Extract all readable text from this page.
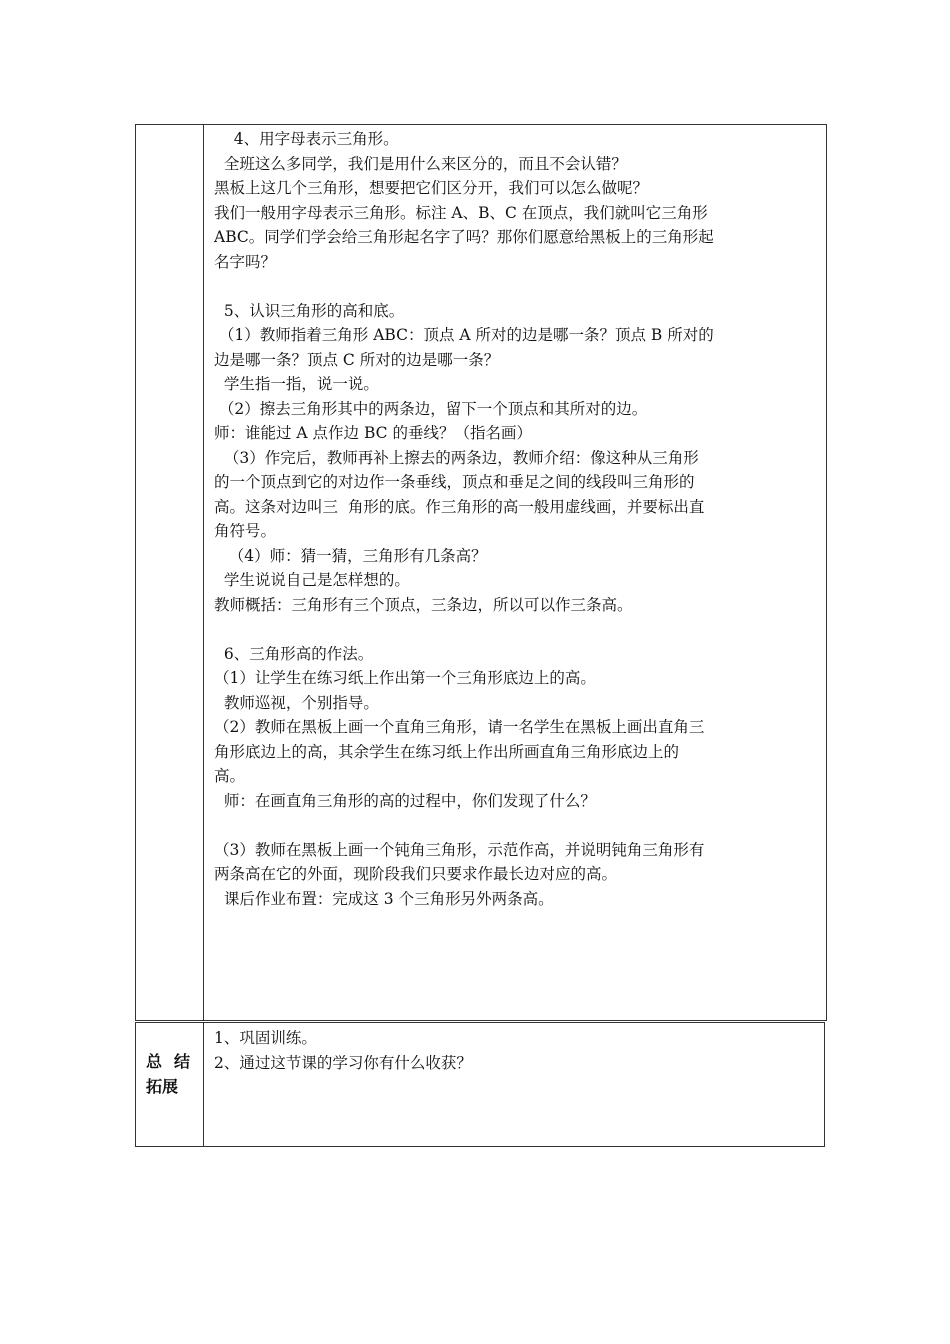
4、用字母表示三角形。
全班这么多同学，我们是用什么来区分的，而且不会认错？
黑板上这几个三角形，想要把它们区分开，我们可以怎么做呢？
我们一般用字母表示三角形。标注 A、B、C 在顶点，我们就叫它三角形
ABC。同学们学会给三角形起名字了吗？那你们愿意给黑板上的三角形起
名字吗？
5、认识三角形的高和底。
（1）教师指着三角形 ABC：顶点 A 所对的边是哪一条？顶点 B 所对的
边是哪一条？顶点 C 所对的边是哪一条？
学生指一指，说一说。
（2）擦去三角形其中的两条边，留下一个顶点和其所对的边。
师：谁能过 A 点作边 BC 的垂线？（指名画）
（3）作完后，教师再补上擦去的两条边，教师介绍：像这种从三角形
的一个顶点到它的对边作一条垂线，顶点和垂足之间的线段叫三角形的
高。这条对边叫三  角形的底。作三角形的高一般用虚线画，并要标出直
角符号。
（4）师：猜一猜，三角形有几条高？
学生说说自己是怎样想的。
教师概括：三角形有三个顶点，三条边，所以可以作三条高。
6、三角形高的作法。
（1）让学生在练习纸上作出第一个三角形底边上的高。
教师巡视，个别指导。
（2）教师在黑板上画一个直角三角形，请一名学生在黑板上画出直角三
角形底边上的高，其余学生在练习纸上作出所画直角三角形底边上的
高。
师：在画直角三角形的高的过程中，你们发现了什么？
（3）教师在黑板上画一个钝角三角形，示范作高，并说明钝角三角形有
两条高在它的外面，现阶段我们只要求作最长边对应的高。
课后作业布置：完成这 3 个三角形另外两条高。
总结
拓展
1、巩固训练。
2、通过这节课的学习你有什么收获？
